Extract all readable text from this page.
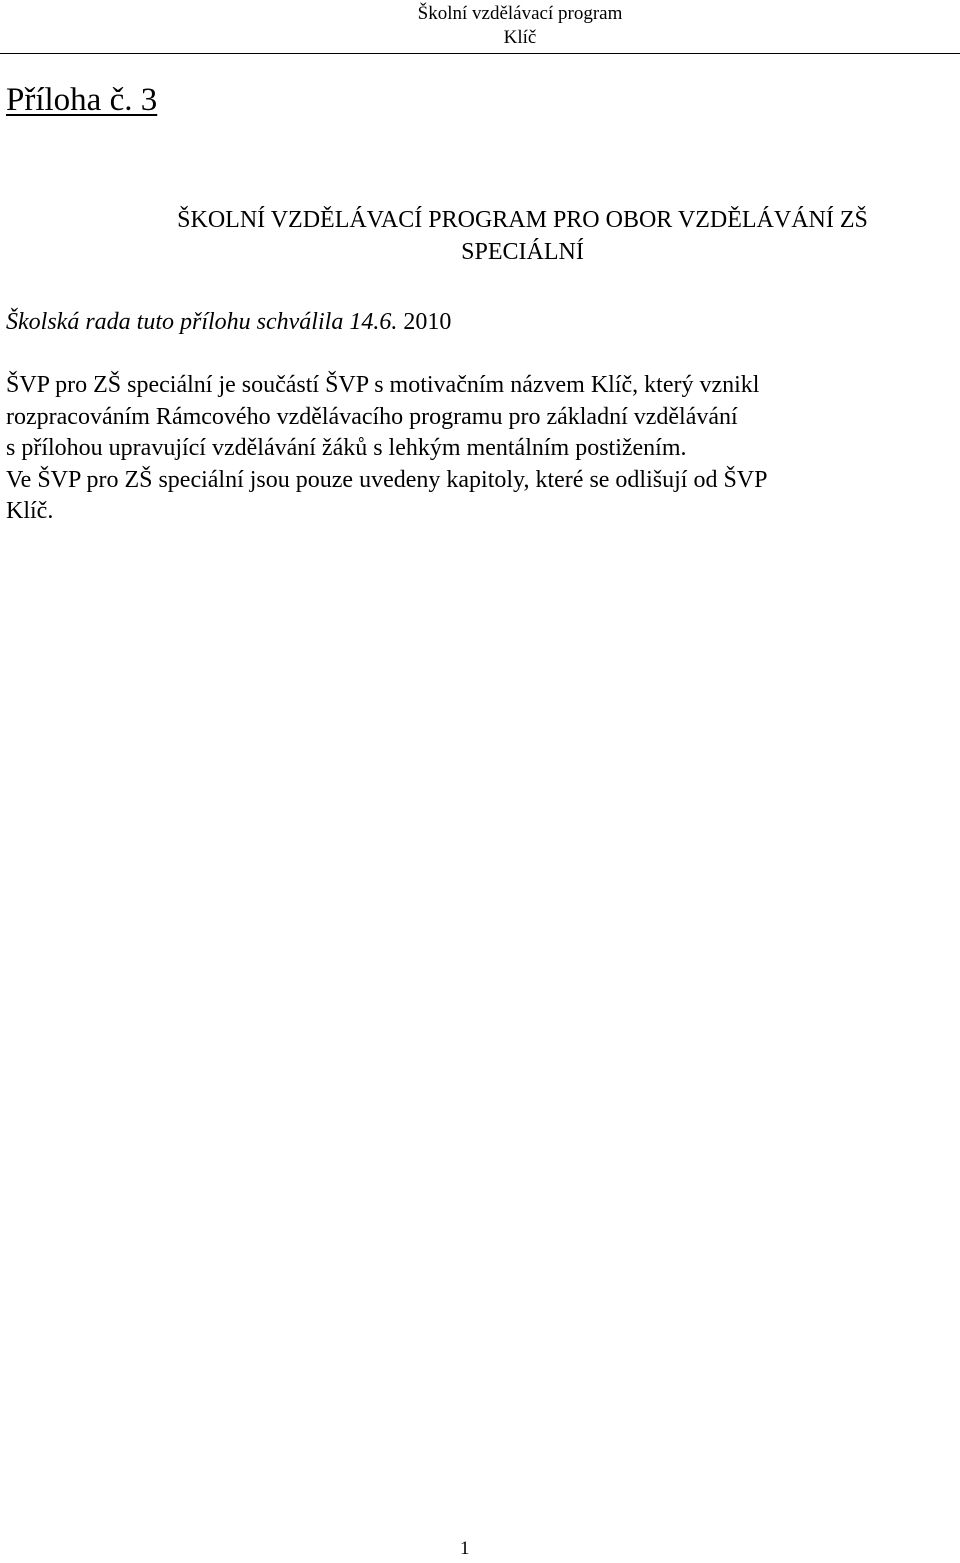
Školní vzdělávací program
Klíč
Příloha č. 3
ŠKOLNÍ VZDĚLÁVACÍ PROGRAM PRO OBOR VZDĚLÁVÁNÍ ZŠ
SPECIÁLNÍ
Školská rada tuto přílohu schválila 14.6. 2010
ŠVP pro ZŠ speciální je součástí ŠVP s motivačním názvem Klíč, který vznikl
rozpracováním Rámcového vzdělávacího programu pro základní vzdělávání
s přílohou upravující vzdělávání žáků s lehkým mentálním postižením.
Ve ŠVP pro ZŠ speciální jsou pouze uvedeny kapitoly, které se odlišují od ŠVP
Klíč.
1
